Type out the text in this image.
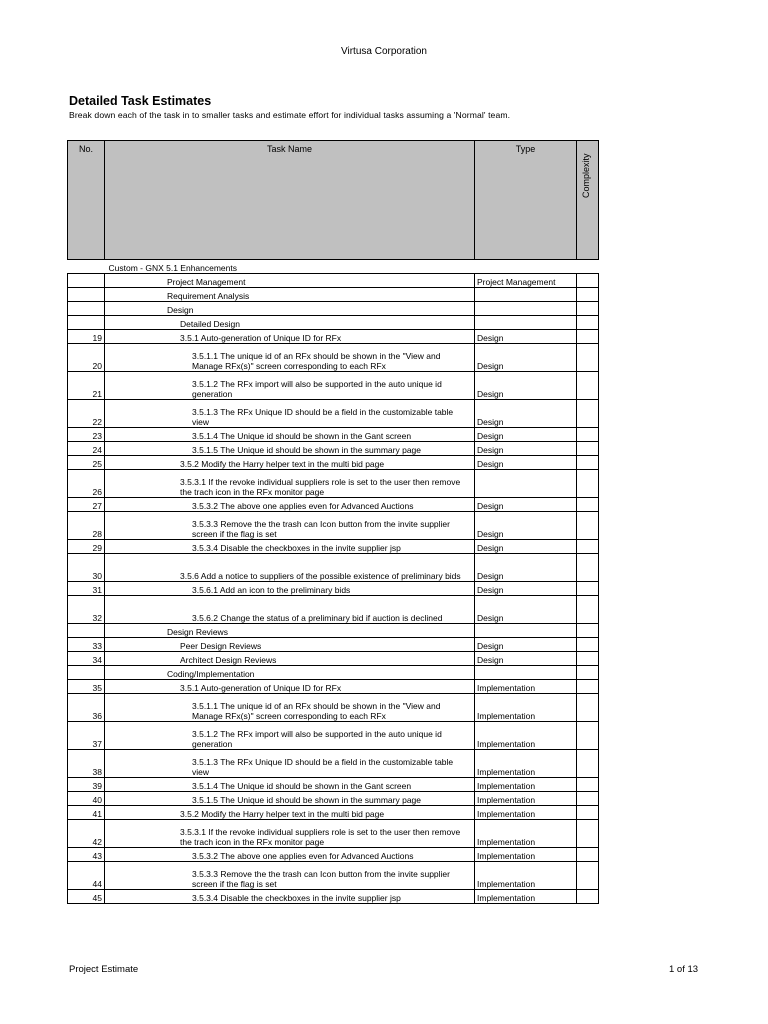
Virtusa Corporation
Detailed Task Estimates
Break down each of the task in to smaller tasks and estimate effort for individual tasks assuming a 'Normal' team.
No.	Task Name	Type	Complexity

	Custom - GNX 5.1 Enhancements		
	Project Management	Project Management	
	Requirement Analysis		
	Design		
	Detailed Design		
19	3.5.1 Auto-generation of Unique ID for RFx	Design	
20	3.5.1.1 The unique id of an RFx should be shown in the "View and Manage RFx(s)" screen corresponding to each RFx	Design	
21	3.5.1.2 The RFx import will also be supported in the auto unique id generation	Design	
22	3.5.1.3 The RFx Unique ID should be a field in the customizable table view	Design	
23	3.5.1.4 The Unique id should be shown in the Gant screen	Design	
24	3.5.1.5 The Unique id should be shown in the summary page	Design	
25	3.5.2 Modify the Harry helper text in the multi bid page	Design	
26	3.5.3.1 If the revoke individual suppliers role is set to the user then remove the trach icon in the RFx monitor page		
27	3.5.3.2 The above one applies even for Advanced Auctions	Design	
28	3.5.3.3 Remove the the trash can Icon button from the invite supplier screen if the flag is set	Design	
29	3.5.3.4 Disable the checkboxes in the invite supplier jsp	Design	
30	3.5.6 Add a notice to suppliers of the possible existence of preliminary bids	Design	
31	3.5.6.1 Add an icon to the preliminary bids	Design	
32	3.5.6.2 Change the status of a preliminary bid if auction is declined	Design	
	Design Reviews		
33	Peer Design Reviews	Design	
34	Architect Design Reviews	Design	
	Coding/Implementation		
35	3.5.1 Auto-generation of Unique ID for RFx	Implementation	
36	3.5.1.1 The unique id of an RFx should be shown in the "View and Manage RFx(s)" screen corresponding to each RFx	Implementation	
37	3.5.1.2 The RFx import will also be supported in the auto unique id generation	Implementation	
38	3.5.1.3 The RFx Unique ID should be a field in the customizable table view	Implementation	
39	3.5.1.4 The Unique id should be shown in the Gant screen	Implementation	
40	3.5.1.5 The Unique id should be shown in the summary page	Implementation	
41	3.5.2 Modify the Harry helper text in the multi bid page	Implementation	
42	3.5.3.1 If the revoke individual suppliers role is set to the user then remove the trach icon in the RFx monitor page	Implementation	
43	3.5.3.2 The above one applies even for Advanced Auctions	Implementation	
44	3.5.3.3 Remove the the trash can Icon button from the invite supplier screen if the flag is set	Implementation	
45	3.5.3.4 Disable the checkboxes in the invite supplier jsp	Implementation	
Project Estimate	1 of 13
